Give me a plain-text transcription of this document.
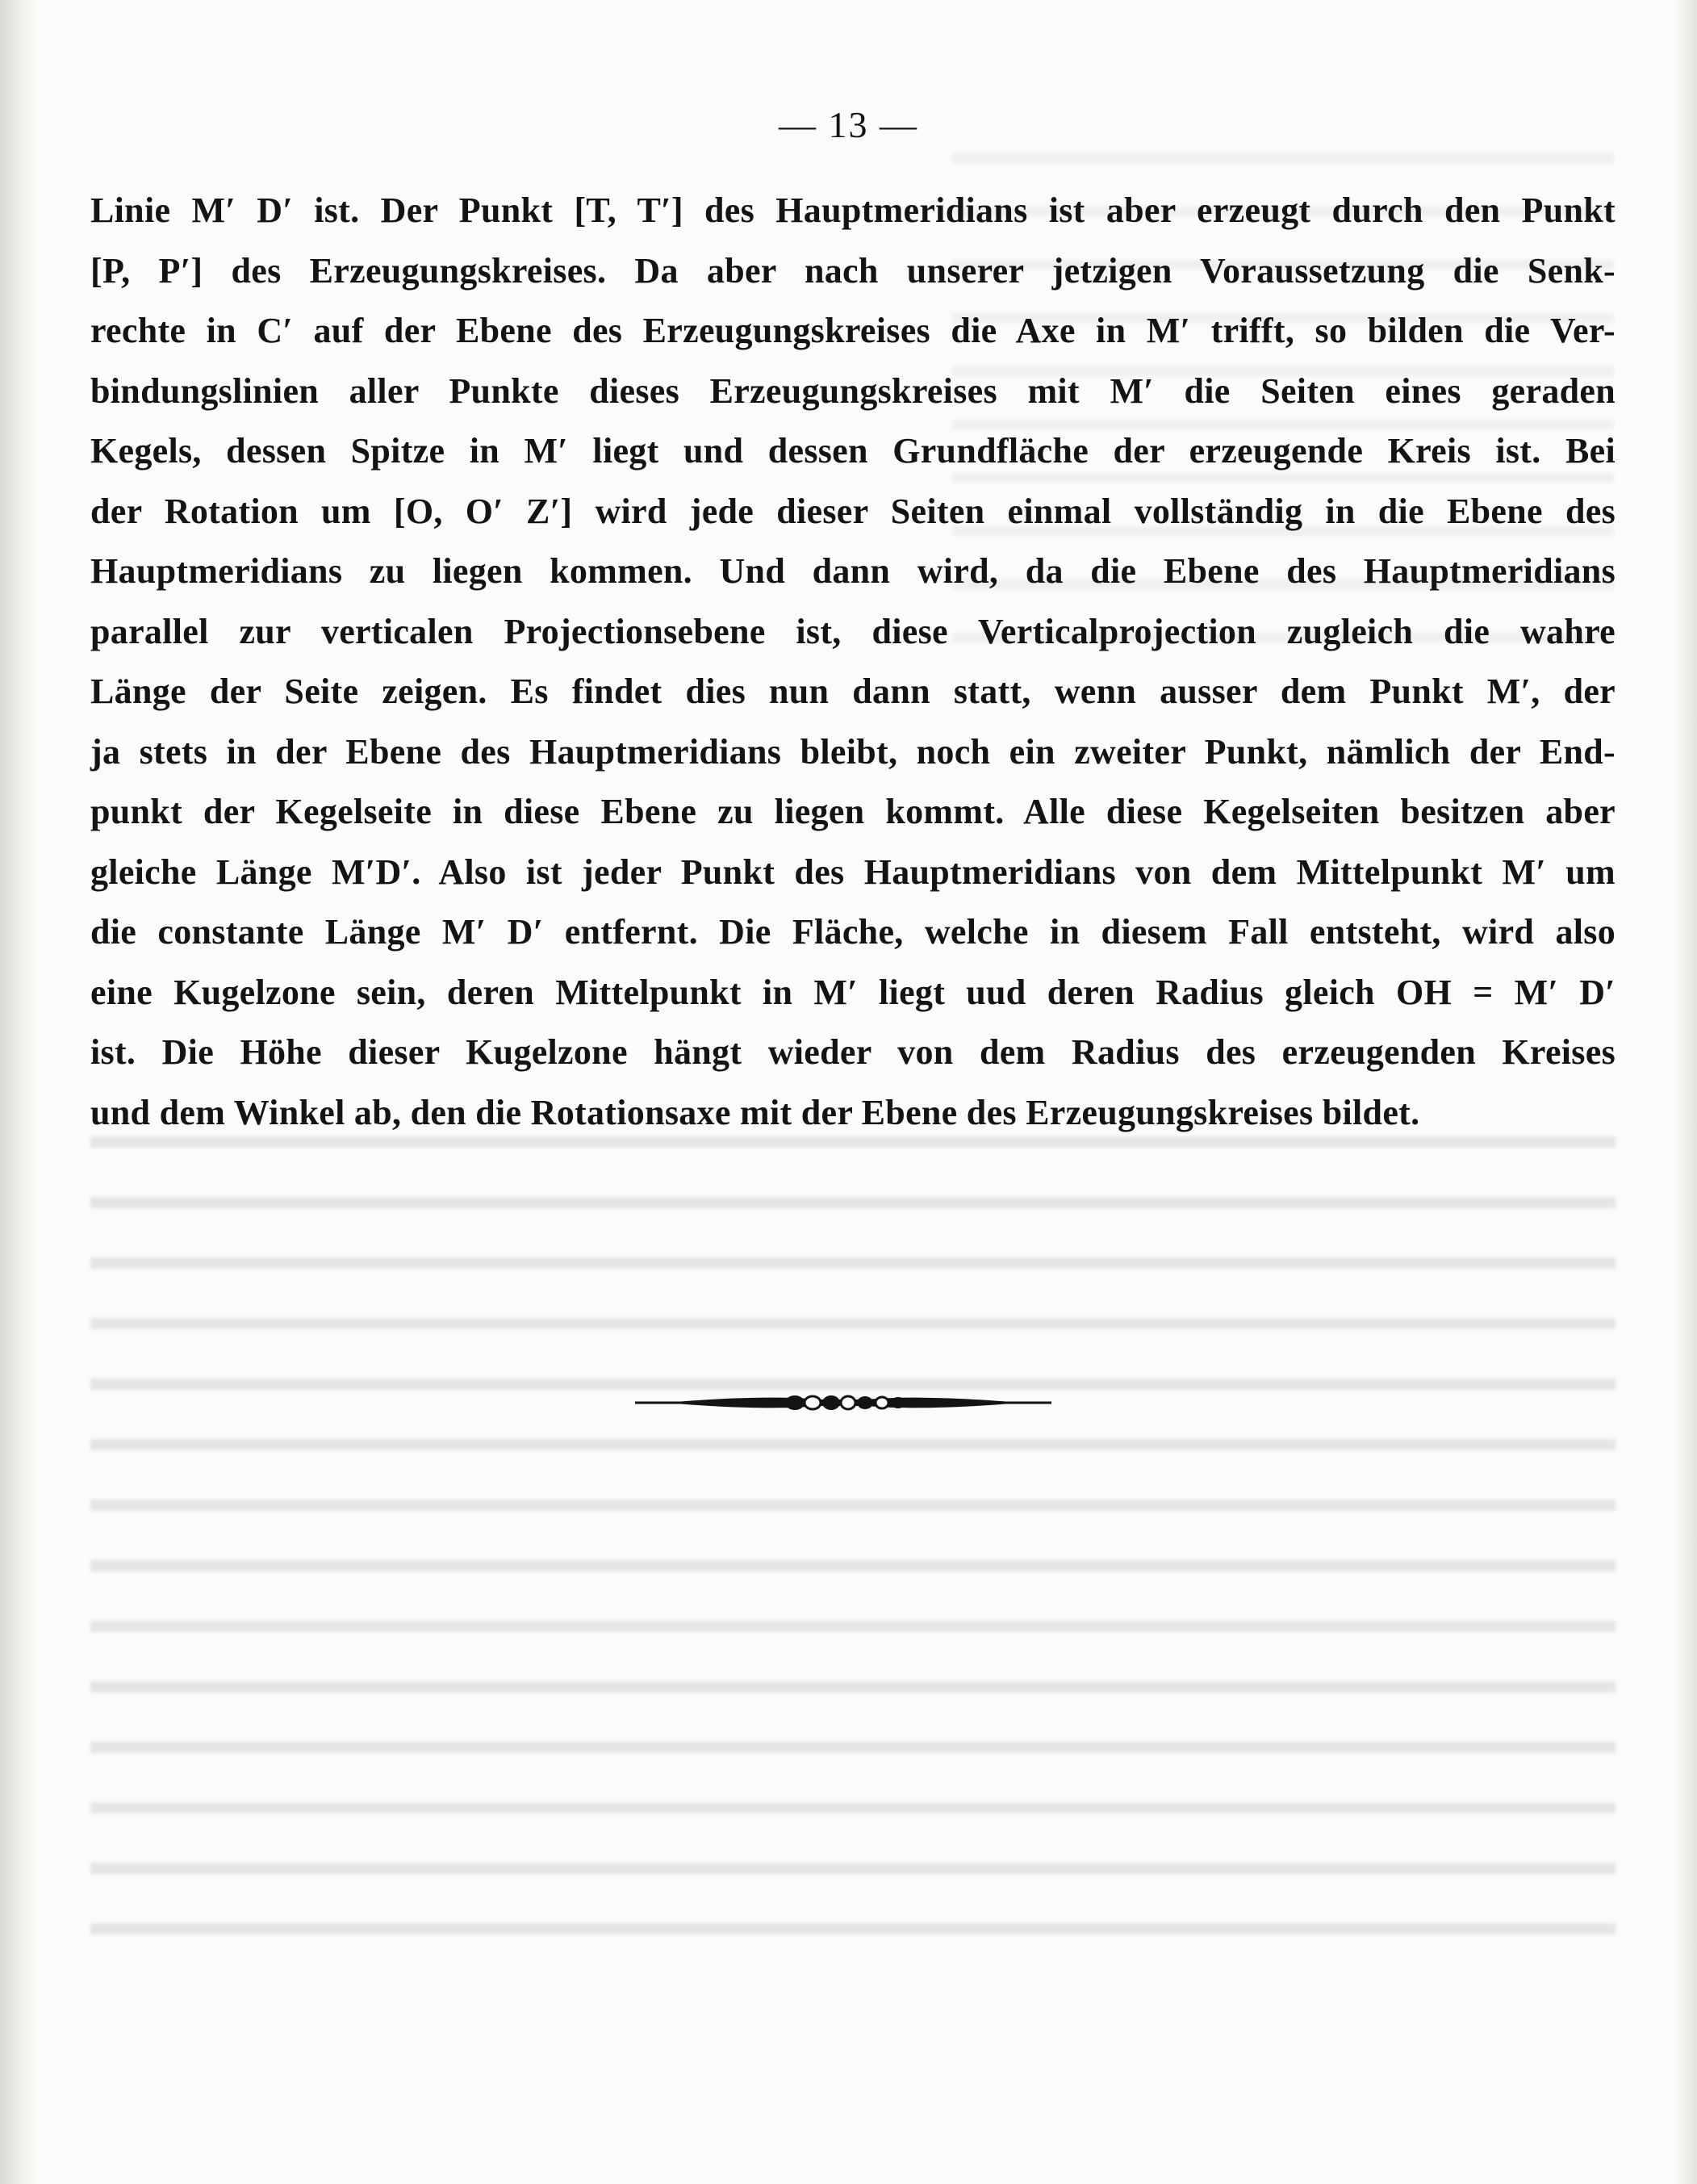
— 13 —
Linie M′ D′ ist. Der Punkt [T, T′] des Hauptmeridians ist aber erzeugt durch den Punkt
[P, P′] des Erzeugungskreises. Da aber nach unserer jetzigen Voraussetzung die Senk-
rechte in C′ auf der Ebene des Erzeugungskreises die Axe in M′ trifft, so bilden die Ver-
bindungslinien aller Punkte dieses Erzeugungskreises mit M′ die Seiten eines geraden
Kegels, dessen Spitze in M′ liegt und dessen Grundfläche der erzeugende Kreis ist. Bei
der Rotation um [O, O′ Z′] wird jede dieser Seiten einmal vollständig in die Ebene des
Hauptmeridians zu liegen kommen. Und dann wird, da die Ebene des Hauptmeridians
parallel zur verticalen Projectionsebene ist, diese Verticalprojection zugleich die wahre
Länge der Seite zeigen. Es findet dies nun dann statt, wenn ausser dem Punkt M′, der
ja stets in der Ebene des Hauptmeridians bleibt, noch ein zweiter Punkt, nämlich der End-
punkt der Kegelseite in diese Ebene zu liegen kommt. Alle diese Kegelseiten besitzen aber
gleiche Länge M′D′. Also ist jeder Punkt des Hauptmeridians von dem Mittelpunkt M′ um
die constante Länge M′ D′ entfernt. Die Fläche, welche in diesem Fall entsteht, wird also
eine Kugelzone sein, deren Mittelpunkt in M′ liegt uud deren Radius gleich OH = M′ D′
ist. Die Höhe dieser Kugelzone hängt wieder von dem Radius des erzeugenden Kreises
und dem Winkel ab, den die Rotationsaxe mit der Ebene des Erzeugungskreises bildet.
